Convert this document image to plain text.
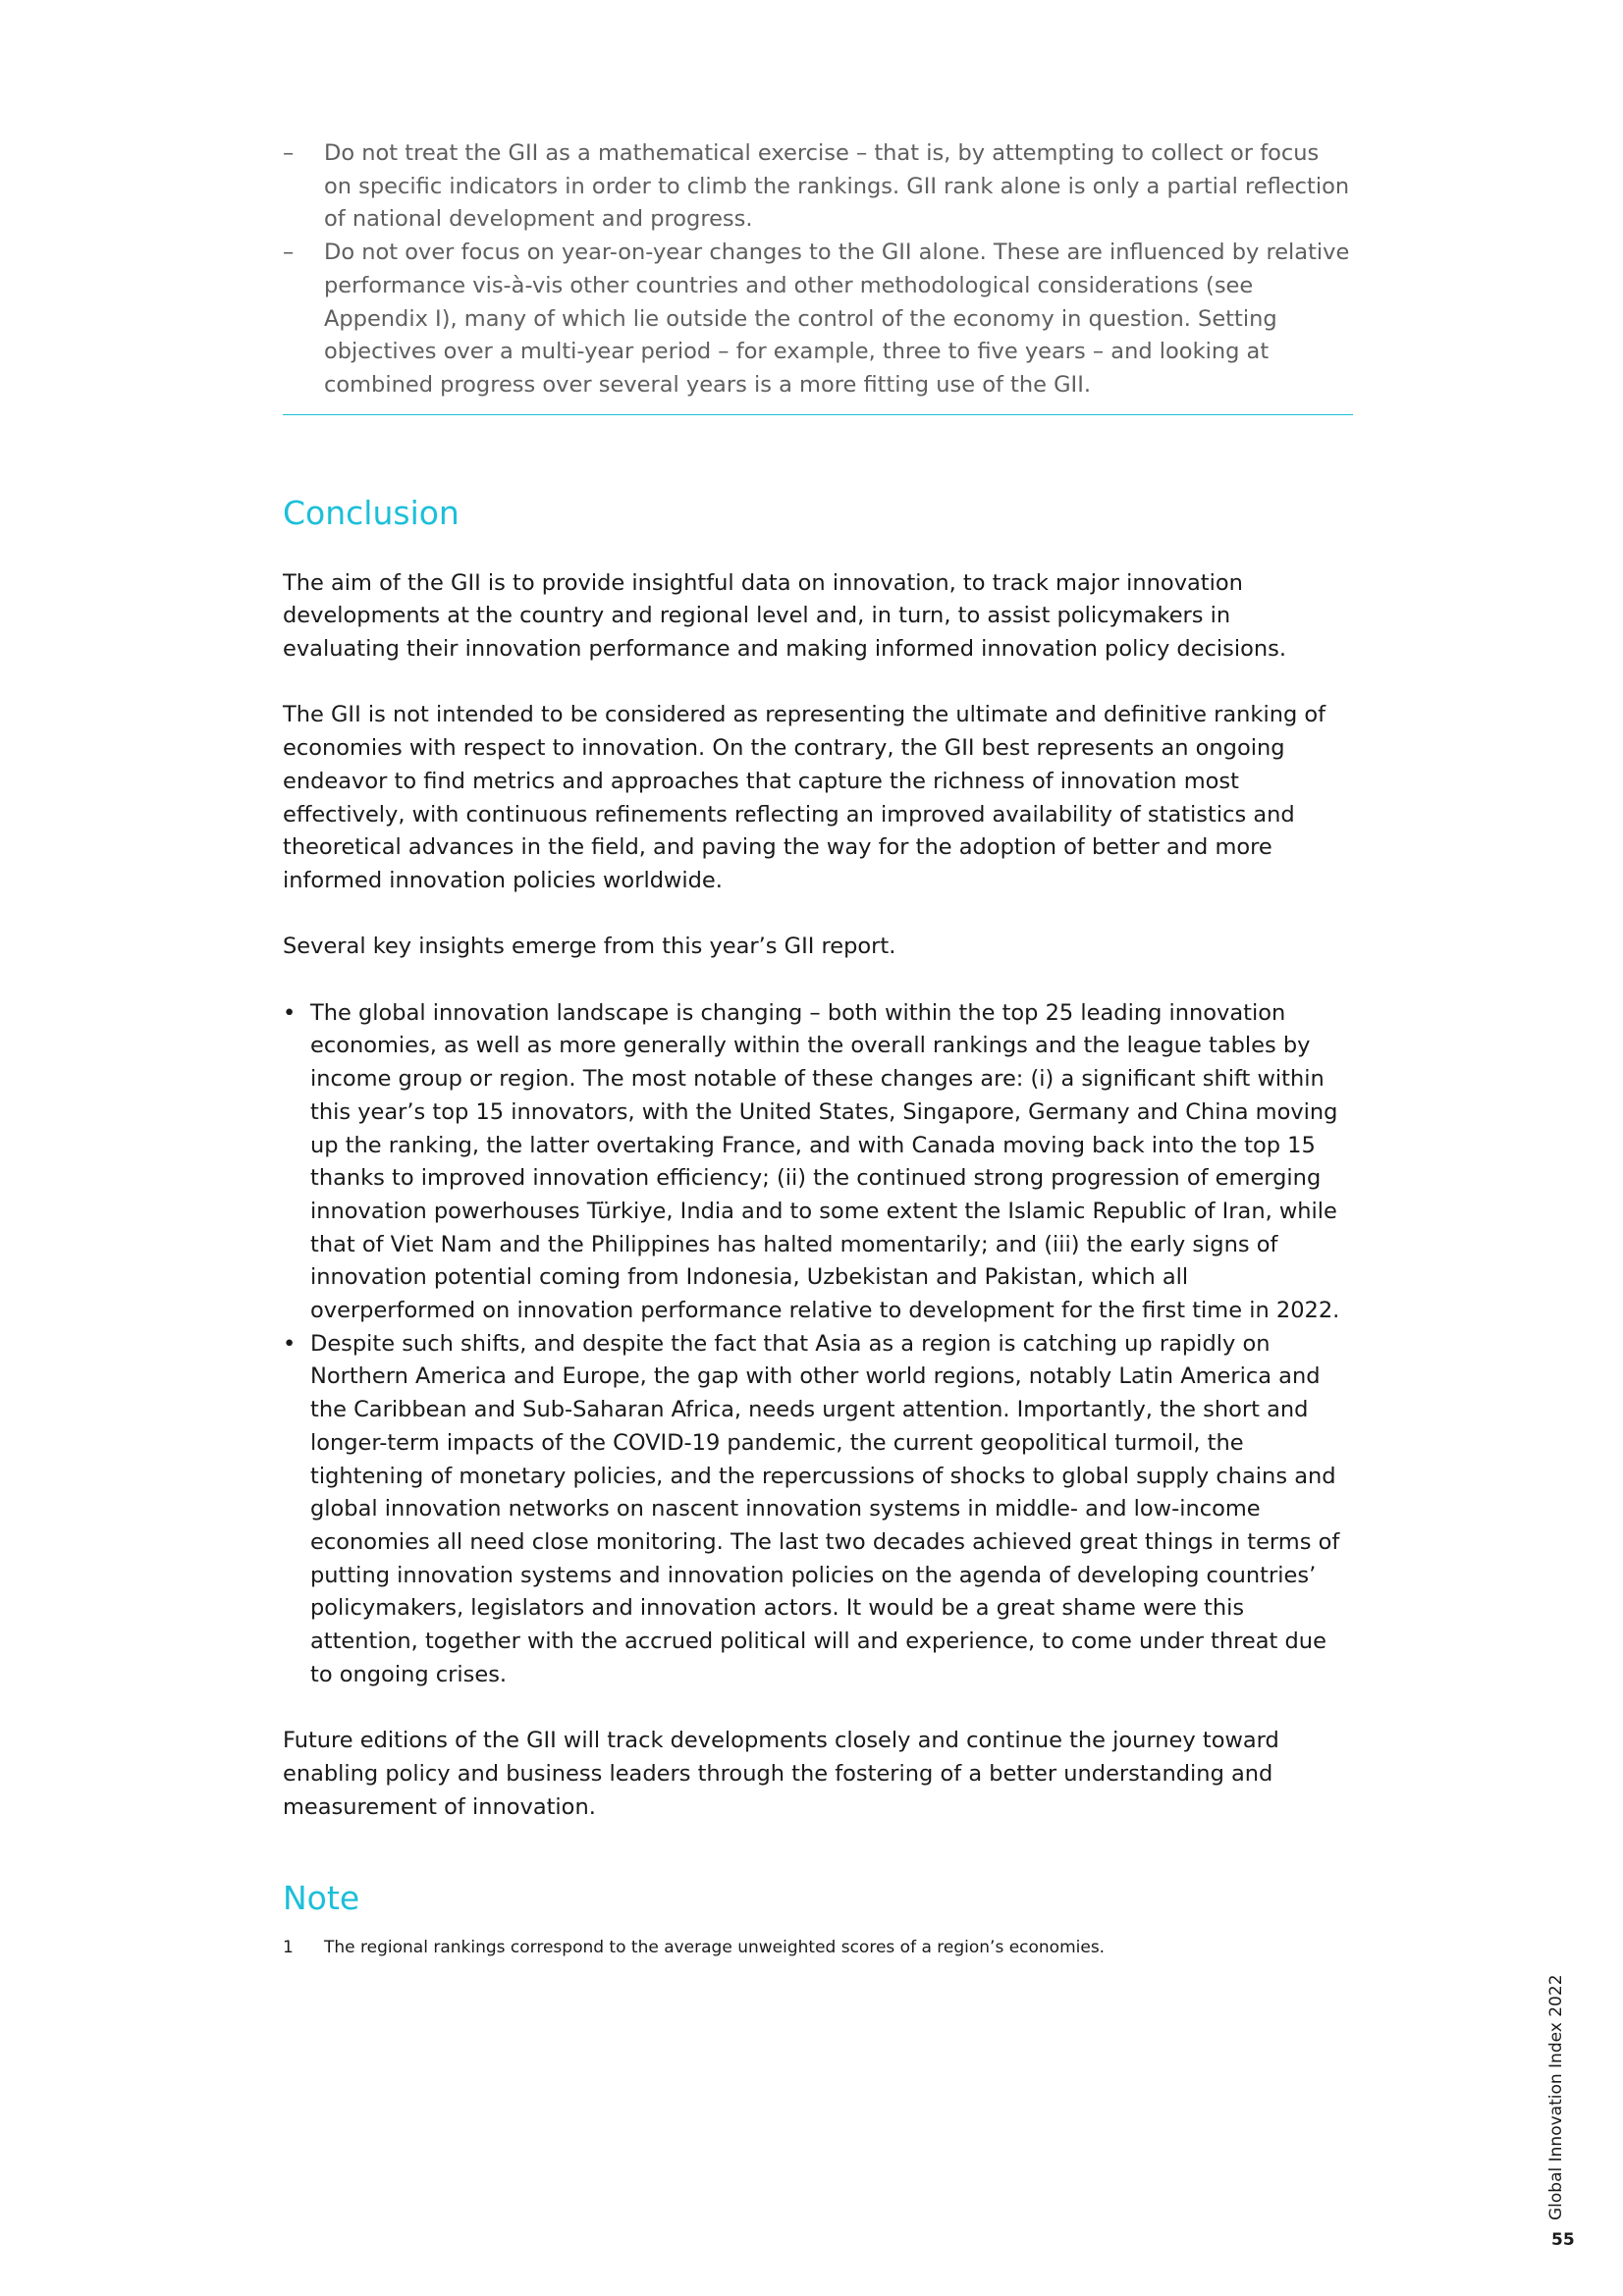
– Do not treat the GII as a mathematical exercise – that is, by attempting to collect or focus on specific indicators in order to climb the rankings. GII rank alone is only a partial reflection of national development and progress.
– Do not over focus on year-on-year changes to the GII alone. These are influenced by relative performance vis-à-vis other countries and other methodological considerations (see Appendix I), many of which lie outside the control of the economy in question. Setting objectives over a multi-year period – for example, three to five years – and looking at combined progress over several years is a more fitting use of the GII.
Conclusion

The aim of the GII is to provide insightful data on innovation, to track major innovation developments at the country and regional level and, in turn, to assist policymakers in evaluating their innovation performance and making informed innovation policy decisions.

The GII is not intended to be considered as representing the ultimate and definitive ranking of economies with respect to innovation. On the contrary, the GII best represents an ongoing endeavor to find metrics and approaches that capture the richness of innovation most effectively, with continuous refinements reflecting an improved availability of statistics and theoretical advances in the field, and paving the way for the adoption of better and more informed innovation policies worldwide.

Several key insights emerge from this year’s GII report.

• The global innovation landscape is changing – both within the top 25 leading innovation economies, as well as more generally within the overall rankings and the league tables by income group or region. The most notable of these changes are: (i) a significant shift within this year’s top 15 innovators, with the United States, Singapore, Germany and China moving up the ranking, the latter overtaking France, and with Canada moving back into the top 15 thanks to improved innovation efficiency; (ii) the continued strong progression of emerging innovation powerhouses Türkiye, India and to some extent the Islamic Republic of Iran, while that of Viet Nam and the Philippines has halted momentarily; and (iii) the early signs of innovation potential coming from Indonesia, Uzbekistan and Pakistan, which all overperformed on innovation performance relative to development for the first time in 2022.
• Despite such shifts, and despite the fact that Asia as a region is catching up rapidly on Northern America and Europe, the gap with other world regions, notably Latin America and the Caribbean and Sub-Saharan Africa, needs urgent attention. Importantly, the short and longer-term impacts of the COVID-19 pandemic, the current geopolitical turmoil, the tightening of monetary policies, and the repercussions of shocks to global supply chains and global innovation networks on nascent innovation systems in middle- and low-income economies all need close monitoring. The last two decades achieved great things in terms of putting innovation systems and innovation policies on the agenda of developing countries’ policymakers, legislators and innovation actors. It would be a great shame were this attention, together with the accrued political will and experience, to come under threat due to ongoing crises.

Future editions of the GII will track developments closely and continue the journey toward enabling policy and business leaders through the fostering of a better understanding and measurement of innovation.

Note
1 The regional rankings correspond to the average unweighted scores of a region’s economies.
Global Innovation Index 2022
55
